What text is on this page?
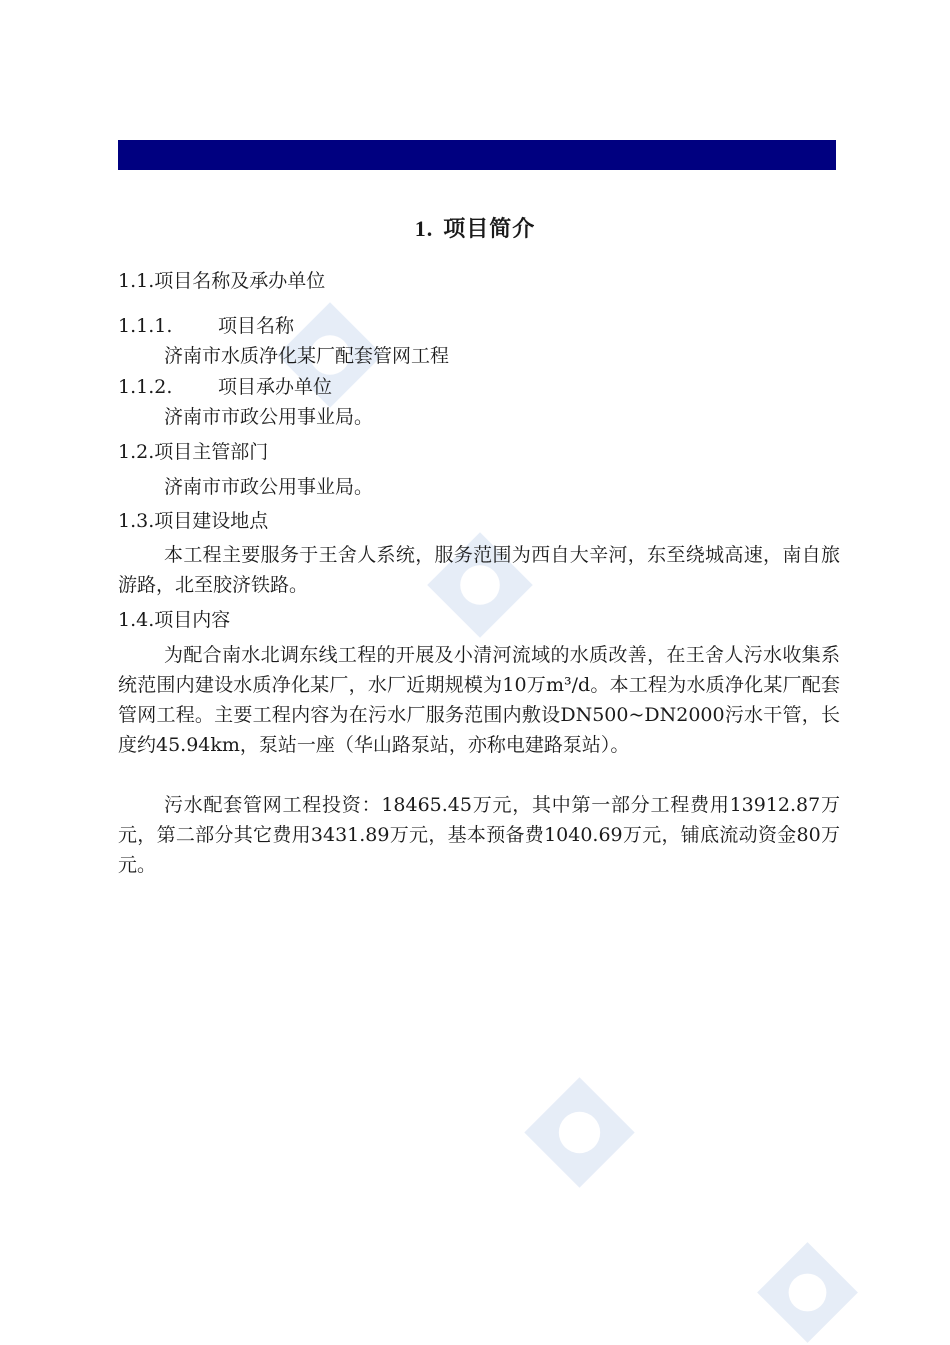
1. 项目简介
1.1.项目名称及承办单位
1.1.1. 项目名称
济南市水质净化某厂配套管网工程
1.1.2. 项目承办单位
济南市市政公用事业局。
1.2.项目主管部门
济南市市政公用事业局。
1.3.项目建设地点

本工程主要服务于王舍人系统，服务范围为西自大辛河，东至绕城高速，南自旅游路，北至胶济铁路。

1.4.项目内容

为配合南水北调东线工程的开展及小清河流域的水质改善，在王舍人污水收集系统范围内建设水质净化某厂，水厂近期规模为10万m³/d。本工程为水质净化某厂配套管网工程。主要工程内容为在污水厂服务范围内敷设DN500~DN2000污水干管，长度约45.94km，泵站一座（华山路泵站，亦称电建路泵站）。

污水配套管网工程投资：18465.45万元，其中第一部分工程费用13912.87万元，第二部分其它费用3431.89万元，基本预备费1040.69万元，铺底流动资金80万元。
